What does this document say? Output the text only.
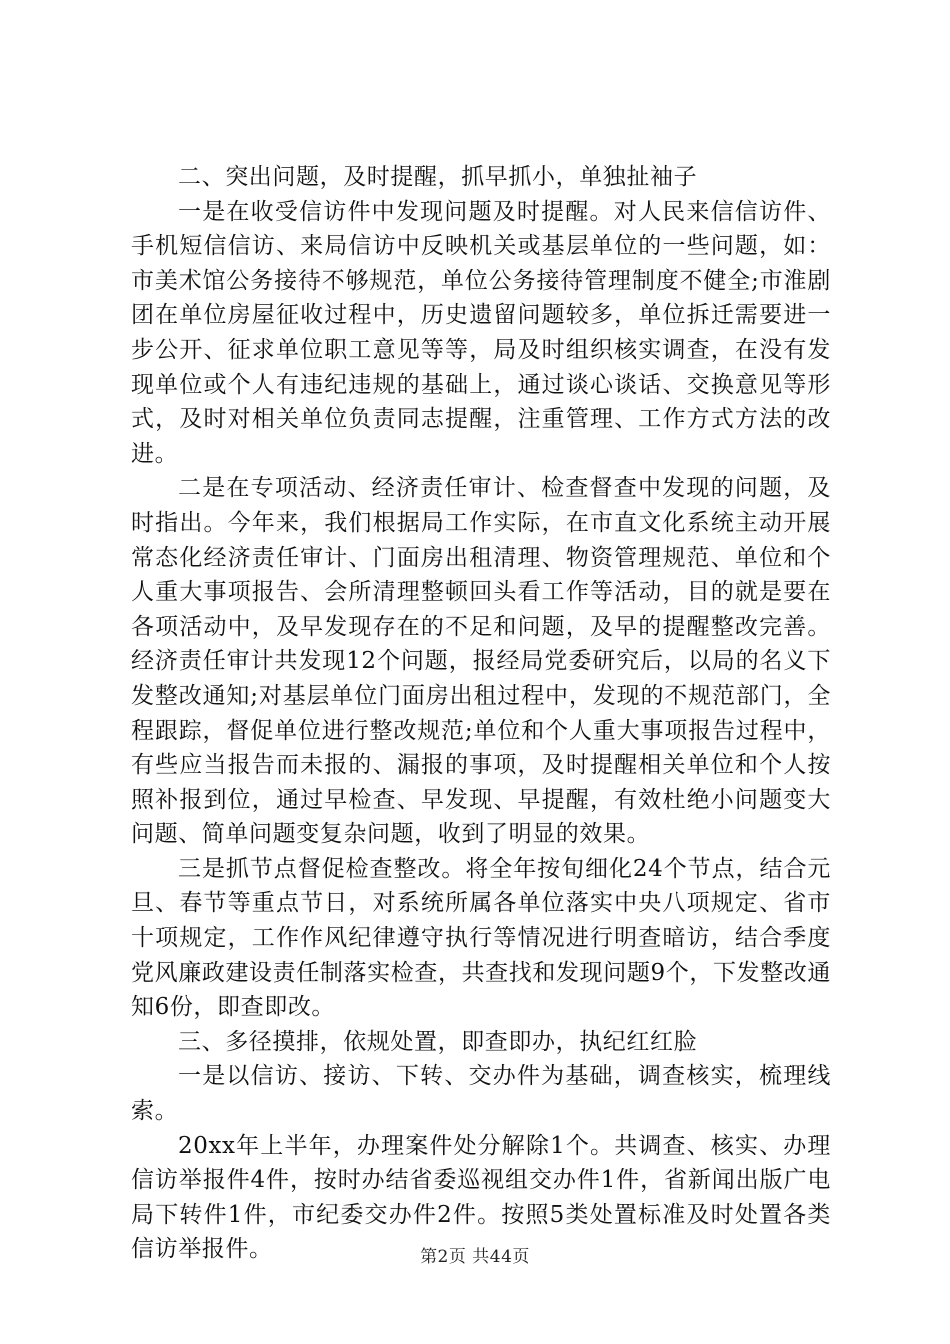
二、突出问题，及时提醒，抓早抓小，单独扯袖子

一是在收受信访件中发现问题及时提醒。对人民来信信访件、手机短信信访、来局信访中反映机关或基层单位的一些问题，如：市美术馆公务接待不够规范，单位公务接待管理制度不健全;市淮剧团在单位房屋征收过程中，历史遗留问题较多，单位拆迁需要进一步公开、征求单位职工意见等等，局及时组织核实调查，在没有发现单位或个人有违纪违规的基础上，通过谈心谈话、交换意见等形式，及时对相关单位负责同志提醒，注重管理、工作方式方法的改进。

二是在专项活动、经济责任审计、检查督查中发现的问题，及时指出。今年来，我们根据局工作实际，在市直文化系统主动开展常态化经济责任审计、门面房出租清理、物资管理规范、单位和个人重大事项报告、会所清理整顿回头看工作等活动，目的就是要在各项活动中，及早发现存在的不足和问题，及早的提醒整改完善。经济责任审计共发现12个问题，报经局党委研究后，以局的名义下发整改通知;对基层单位门面房出租过程中，发现的不规范部门，全程跟踪，督促单位进行整改规范;单位和个人重大事项报告过程中，有些应当报告而未报的、漏报的事项，及时提醒相关单位和个人按照补报到位，通过早检查、早发现、早提醒，有效杜绝小问题变大问题、简单问题变复杂问题，收到了明显的效果。

三是抓节点督促检查整改。将全年按旬细化24个节点，结合元旦、春节等重点节日，对系统所属各单位落实中央八项规定、省市十项规定，工作作风纪律遵守执行等情况进行明查暗访，结合季度党风廉政建设责任制落实检查，共查找和发现问题9个，下发整改通知6份，即查即改。

三、多径摸排，依规处置，即查即办，执纪红红脸

一是以信访、接访、下转、交办件为基础，调查核实，梳理线索。

20xx年上半年，办理案件处分解除1个。共调查、核实、办理信访举报件4件，按时办结省委巡视组交办件1件，省新闻出版广电局下转件1件，市纪委交办件2件。按照5类处置标准及时处置各类信访举报件。	第2页 共44页
